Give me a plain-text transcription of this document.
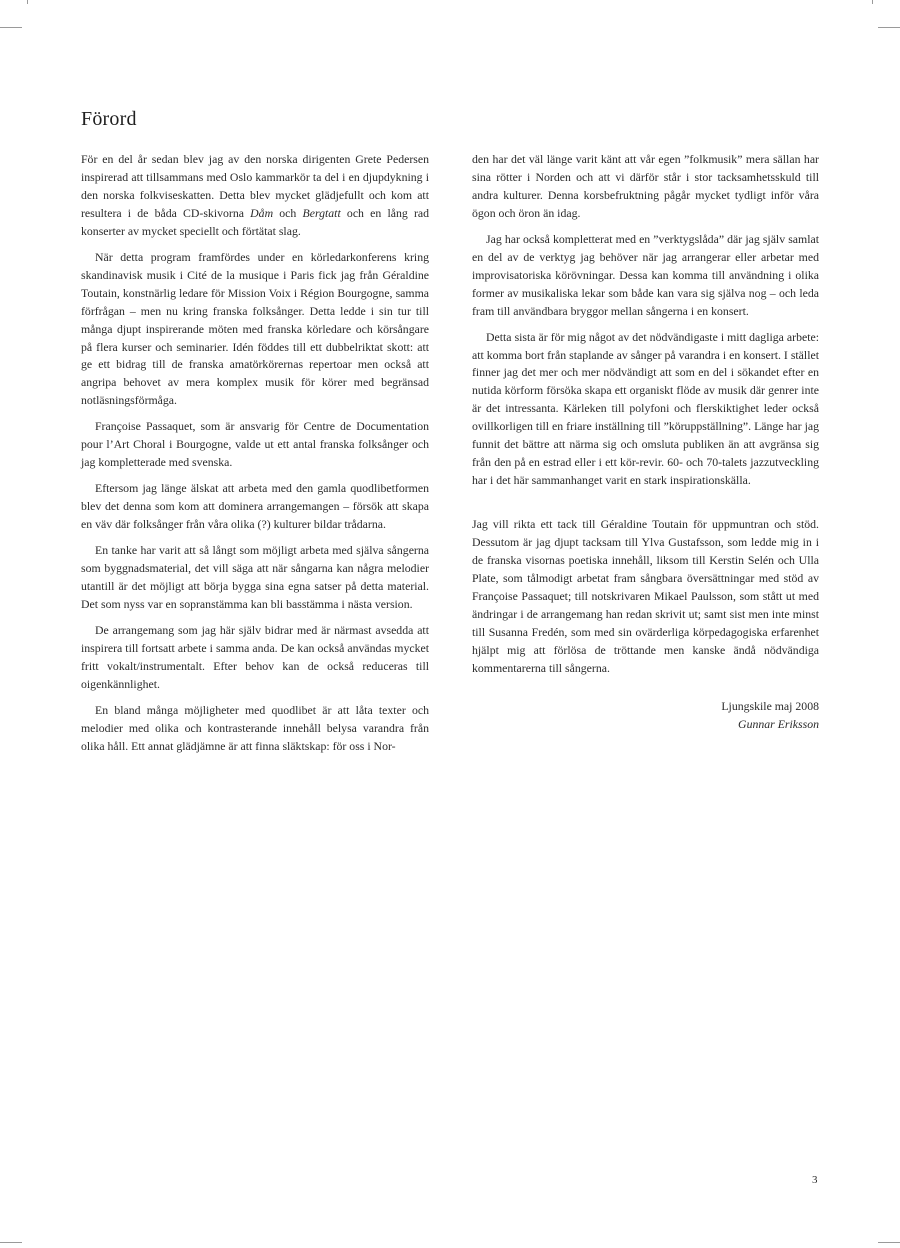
Förord

För en del år sedan blev jag av den norska dirigenten Grete Pedersen inspirerad att tillsammans med Oslo kammarkör ta del i en djupdykning i den norska folkviseskatten. Detta blev mycket glädjefullt och kom att resultera i de båda CD-skivorna Dåm och Bergtatt och en lång rad konserter av mycket speciellt och förtätat slag.

När detta program framfördes under en körledarkonferens kring skandinavisk musik i Cité de la musique i Paris fick jag från Géraldine Toutain, konstnärlig ledare för Mission Voix i Région Bourgogne, samma förfrågan – men nu kring franska folksånger. Detta ledde i sin tur till många djupt inspirerande möten med franska körledare och körsångare på flera kurser och seminarier. Idén föddes till ett dubbelriktat skott: att ge ett bidrag till de franska amatörkörernas repertoar men också att angripa behovet av mera komplex musik för körer med begränsad notläsningsförmåga.

Françoise Passaquet, som är ansvarig för Centre de Documentation pour l’Art Choral i Bourgogne, valde ut ett antal franska folksånger och jag kompletterade med svenska.

Eftersom jag länge älskat att arbeta med den gamla quodlibetformen blev det denna som kom att dominera arrangemangen – försök att skapa en väv där folksånger från våra olika (?) kulturer bildar trådarna.

En tanke har varit att så långt som möjligt arbeta med själva sångerna som byggnadsmaterial, det vill säga att när sångarna kan några melodier utantill är det möjligt att börja bygga sina egna satser på detta material. Det som nyss var en sopranstämma kan bli basstämma i nästa version.

De arrangemang som jag här själv bidrar med är närmast avsedda att inspirera till fortsatt arbete i samma anda. De kan också användas mycket fritt vokalt/instrumentalt. Efter behov kan de också reduceras till oigenkännlighet.

En bland många möjligheter med quodlibet är att låta texter och melodier med olika och kontrasterande innehåll belysa varandra från olika håll. Ett annat glädjämne är att finna släktskap: för oss i Nor-

den har det väl länge varit känt att vår egen ”folkmusik” mera sällan har sina rötter i Norden och att vi därför står i stor tacksamhetsskuld till andra kulturer. Denna korsbefruktning pågår mycket tydligt inför våra ögon och öron än idag.

Jag har också kompletterat med en ”verktygslåda” där jag själv samlat en del av de verktyg jag behöver när jag arrangerar eller arbetar med improvisatoriska körövningar. Dessa kan komma till användning i olika former av musikaliska lekar som både kan vara sig själva nog – och leda fram till användbara bryggor mellan sångerna i en konsert.

Detta sista är för mig något av det nödvändigaste i mitt dagliga arbete: att komma bort från staplande av sånger på varandra i en konsert. I stället finner jag det mer och mer nödvändigt att som en del i sökandet efter en nutida körform försöka skapa ett organiskt flöde av musik där genrer inte är det intressanta. Kärleken till polyfoni och flerskiktighet leder också ovillkorligen till en friare inställning till ”köruppställning”. Länge har jag funnit det bättre att närma sig och omsluta publiken än att avgränsa sig från den på en estrad eller i ett kör-revir. 60- och 70-talets jazzutveckling har i det här sammanhanget varit en stark inspirationskälla.

Jag vill rikta ett tack till Géraldine Toutain för uppmuntran och stöd. Dessutom är jag djupt tacksam till Ylva Gustafsson, som ledde mig in i de franska visornas poetiska innehåll, liksom till Kerstin Selén och Ulla Plate, som tålmodigt arbetat fram sångbara översättningar med stöd av Françoise Passaquet; till notskrivaren Mikael Paulsson, som stått ut med ändringar i de arrangemang han redan skrivit ut; samt sist men inte minst till Susanna Fredén, som med sin ovärderliga körpedagogiska erfarenhet hjälpt mig att förlösa de tröttande men kanske ändå nödvändiga kommentarerna till sångerna.

Ljungskile maj 2008

Gunnar Eriksson

3
